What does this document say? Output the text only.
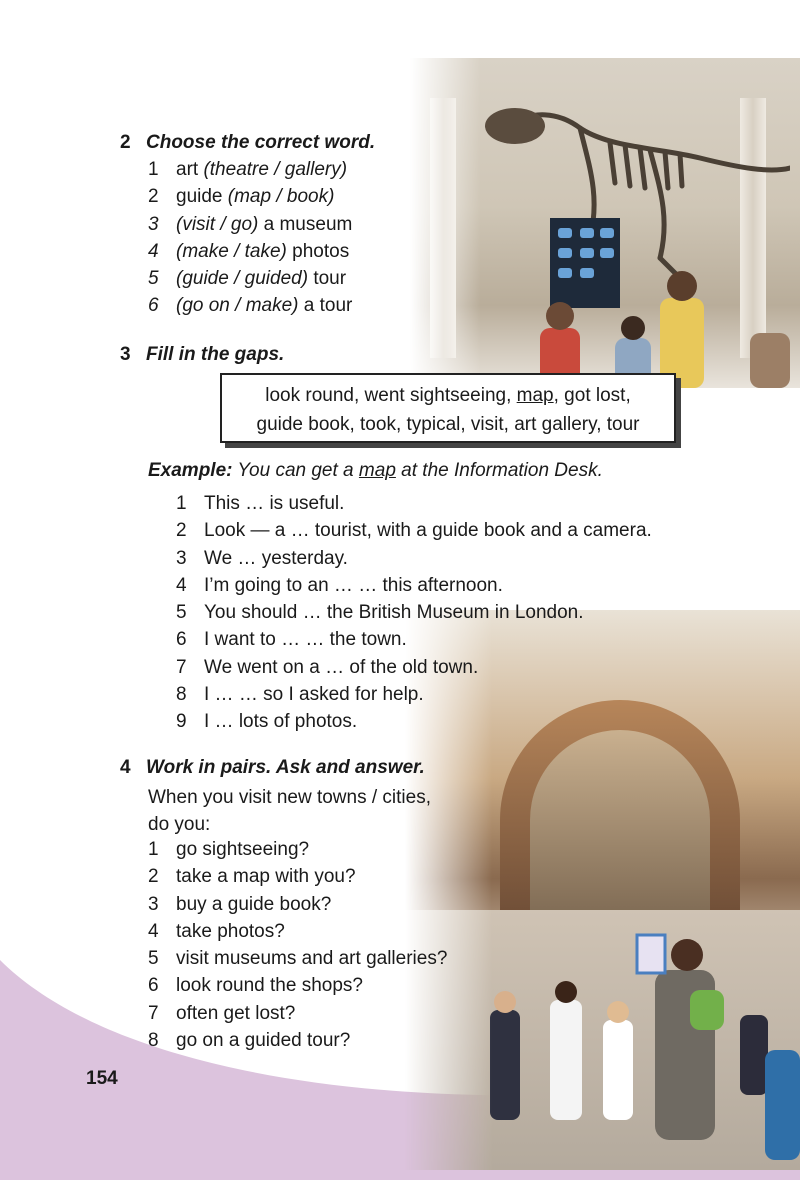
2 Choose the correct word.
1 art (theatre / gallery)
2 guide (map / book)
3 (visit / go) a museum
4 (make / take) photos
5 (guide / guided) tour
6 (go on / make) a tour
3 Fill in the gaps.
look round, went sightseeing, map, got lost,
guide book, took, typical, visit, art gallery, tour
Example: You can get a map at the Information Desk.
1 This … is useful.
2 Look — a … tourist, with a guide book and a camera.
3 We … yesterday.
4 I’m going to an … … this afternoon.
5 You should … the British Museum in London.
6 I want to … … the town.
7 We went on a … of the old town.
8 I … … so I asked for help.
9 I … lots of photos.
4 Work in pairs. Ask and answer.
When you visit new towns / cities,
do you:
1 go sightseeing?
2 take a map with you?
3 buy a guide book?
4 take photos?
5 visit museums and art galleries?
6 look round the shops?
7 often get lost?
8 go on a guided tour?
154
